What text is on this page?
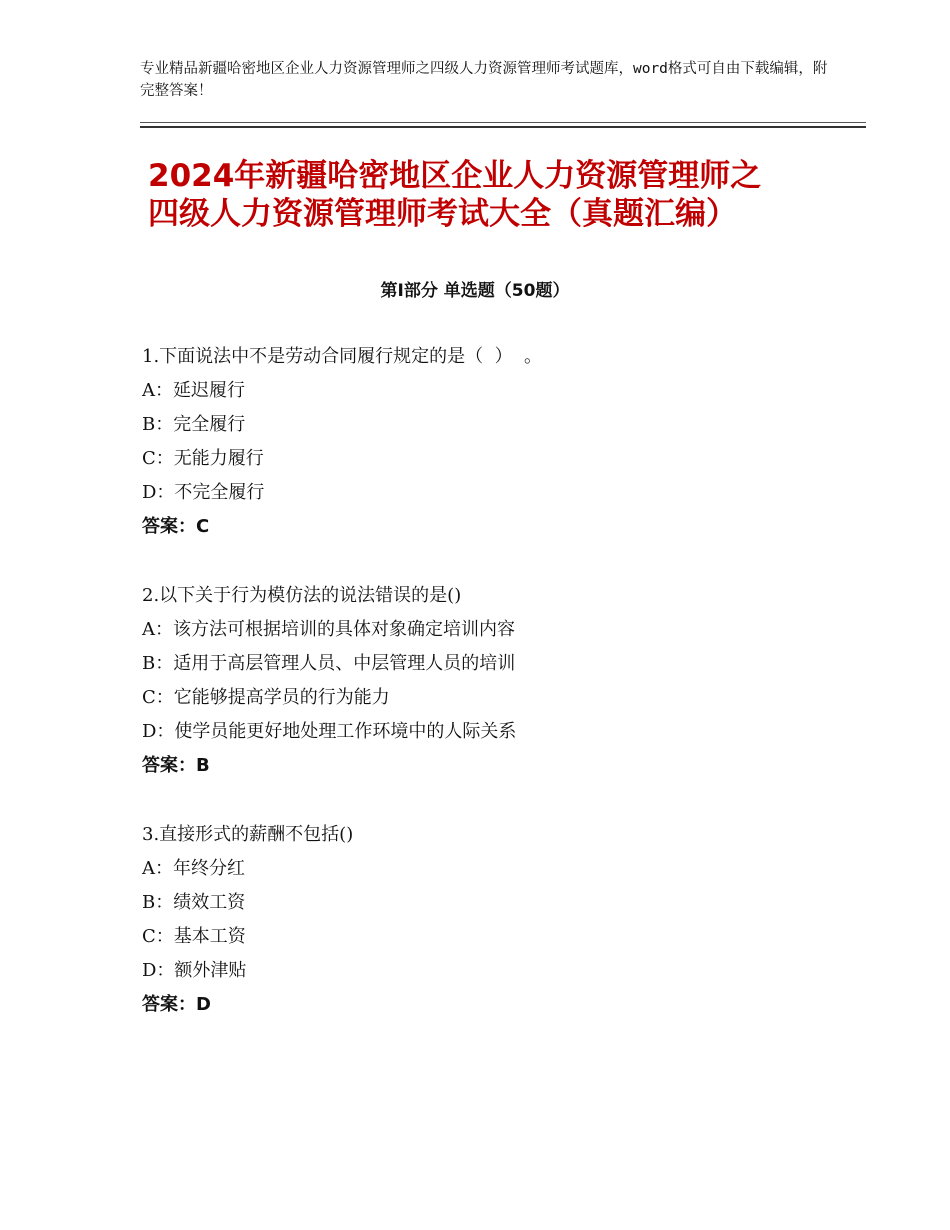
专业精品新疆哈密地区企业人力资源管理师之四级人力资源管理师考试题库，word格式可自由下载编辑，附完整答案！
2024年新疆哈密地区企业人力资源管理师之
四级人力资源管理师考试大全（真题汇编）
第Ⅰ部分 单选题（50题）
1.下面说法中不是劳动合同履行规定的是（  ）  。
A：延迟履行
B：完全履行
C：无能力履行
D：不完全履行
答案：C
2.以下关于行为模仿法的说法错误的是()
A：该方法可根据培训的具体对象确定培训内容
B：适用于高层管理人员、中层管理人员的培训
C：它能够提高学员的行为能力
D：使学员能更好地处理工作环境中的人际关系
答案：B
3.直接形式的薪酬不包括()
A：年终分红
B：绩效工资
C：基本工资
D：额外津贴
答案：D
